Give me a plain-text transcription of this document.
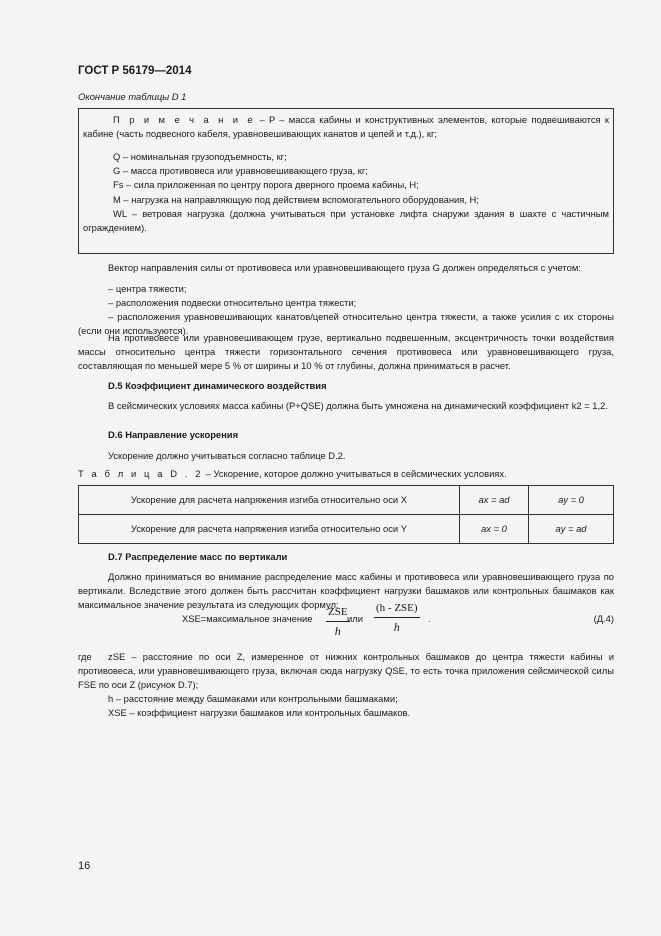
ГОСТ Р 56179—2014
Окончание таблицы D 1

П р и м е ч а н и е – P – масса кабины и конструктивных элементов, которые подвешиваются к кабине (часть подвесного кабеля, уравновешивающих канатов и цепей и т.д.), кг;

Q – номинальная грузоподъемность, кг;

G – масса противовеса или уравновешивающего груза, кг;

Fs – сила приложенная по центру порога дверного проема кабины, Н;

M – нагрузка на направляющую под действием вспомогательного оборудования, Н;

WL – ветровая нагрузка (должна учитываться при установке лифта снаружи здания в шахте с частичным ограждением).

Вектор направления силы от противовеса или уравновешивающего груза G должен определяться с учетом:

– центра тяжести;

– расположения подвески относительно центра тяжести;

– расположения уравновешивающих канатов/цепей относительно центра тяжести, а также усилия с их стороны (если они используются).

На противовесе или уравновешивающем грузе, вертикально подвешенным, эксцентричность точки воздействия массы относительно центра тяжести горизонтального сечения противовеса или уравновешивающего груза, составляющая по меньшей мере 5 % от ширины и 10 % от глубины, должна приниматься в расчет.

D.5 Коэффициент динамического воздействия

В сейсмических условиях масса кабины (P+QSE) должна быть умножена на динамический коэффициент k2 = 1,2.

D.6 Направление ускорения

Ускорение должно учитываться согласно таблице D.2.

Т а б л и ц а D . 2 – Ускорение, которое должно учитываться в сейсмических условиях.

Ускорение для расчета напряжения изгиба относительно оси X	ax = ad	ay = 0
Ускорение для расчета напряжения изгиба относительно оси Y	ax = 0	ay = ad

D.7 Распределение масс по вертикали

Должно приниматься во внимание распределение масс кабины и противовеса или уравновешивающего груза по вертикали. Вследствие этого должен быть рассчитан коэффициент нагрузки башмаков или контрольных башмаков как максимальное значение результата из следующих формул:

XSE=максимальное значение
ZSE
h
или
(h - ZSE)
h
.	(Д.4)
где	zSE – расстояние по оси Z, измеренное от нижних контрольных башмаков до центра тяжести кабины и противовеса, или уравновешивающего груза, включая сюда нагрузку QSE, то есть точка приложения сейсмической силы FSE по оси Z (рисунок D.7);

h – расстояние между башмаками или контрольными башмаками;

XSE – коэффициент нагрузки башмаков или контрольных башмаков.

16
